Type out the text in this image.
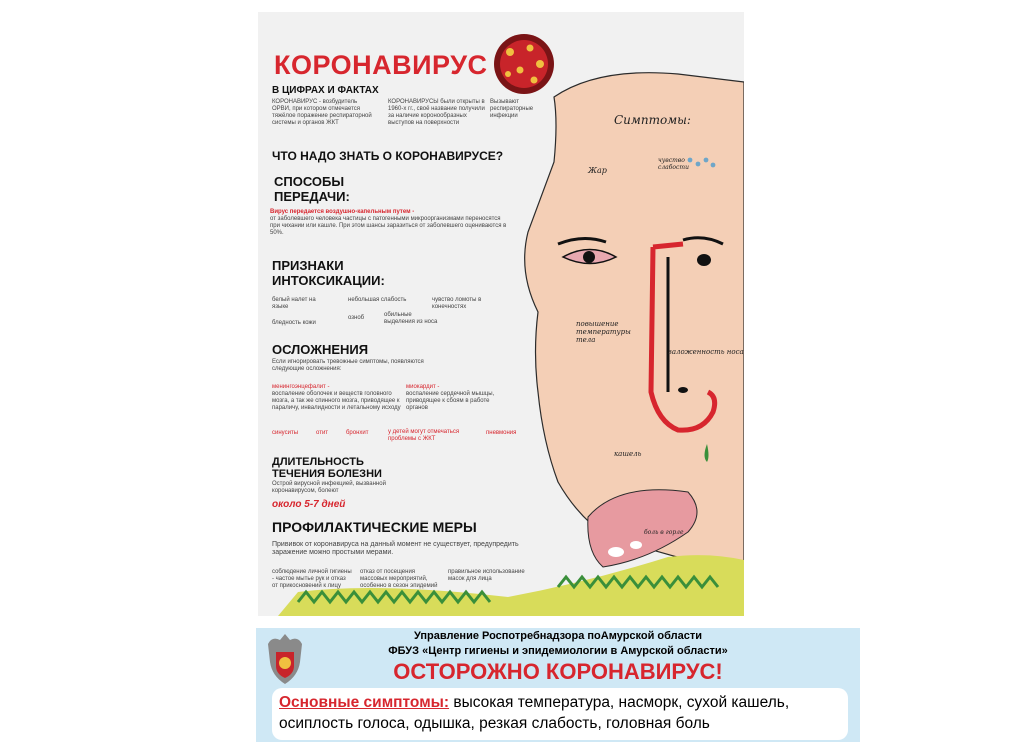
КОРОНАВИРУС
В ЦИФРАХ И ФАКТАХ
КОРОНАВИРУС - возбудитель ОРВИ, при котором отмечается тяжёлое поражение респираторной системы и органов ЖКТ
КОРОНАВИРУСЫ были открыты в 1960-х гг., своё название получили за наличие коронообразных выступов на поверхности
Вызывают респираторные инфекции
ЧТО НАДО ЗНАТЬ О КОРОНАВИРУСЕ?
СПОСОБЫ
ПЕРЕДАЧИ:
Вирус передается воздушно-капельным путем -
от заболевшего человека частицы с патогенными микроорганизмами переносятся при чихании или кашле. При этом шансы заразиться от заболевшего оцениваются в 50%.
ПРИЗНАКИ
ИНТОКСИКАЦИИ:
белый налет на языке
небольшая слабость	чувство ломоты в конечностях
бледность кожи
озноб	обильные выделения из носа
ОСЛОЖНЕНИЯ
Если игнорировать тревожные симптомы, появляются следующие осложнения:
менингоэнцефалит -
воспаление оболочек и веществ головного мозга, а так же спинного мозга, приводящее к параличу, инвалидности и летальному исходу
миокардит -
воспаление сердечной мышцы, приводящее к сбоям в работе органов
синуситы	отит	бронхит	у детей могут отмечаться проблемы с ЖКТ
пневмония
ДЛИТЕЛЬНОСТЬ
ТЕЧЕНИЯ БОЛЕЗНИ
Острой вирусной инфекцией, вызванной коронавирусом, болеют
около 5-7 дней
ПРОФИЛАКТИЧЕСКИЕ МЕРЫ
Прививок от коронавируса на данный момент не существует, предупредить заражение можно простыми мерами.
соблюдение личной гигиены - частое мытье рук и отказ от прикосновений к лицу
отказ от посещения массовых мероприятий, особенно в сезон эпидемий
правильное использование масок для лица
Симптомы:
Жар
чувство слабости
повышение температуры тела
заложенность носа
кашель
боль в горле
Управление Роспотребнадзора поАмурской области
ФБУЗ «Центр гигиены и эпидемиологии в Амурской области»
ОСТОРОЖНО КОРОНАВИРУС!

Основные симптомы: высокая температура, насморк, сухой кашель,

осиплость голоса, одышка, резкая слабость, головная боль
